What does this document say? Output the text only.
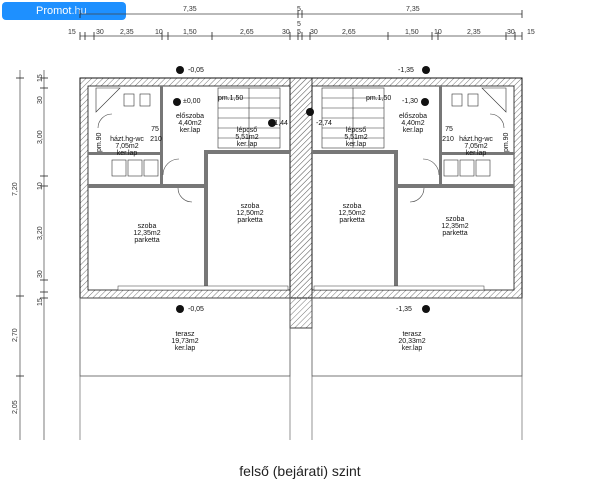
Promot.hu	7,35	5	7,35
5
15	30 2,35	10	1,50	2,65	30 5 30	2,65	1,50 10	2,35	30 15
15
30
3,00
7,20	10
3,20
30
15
2,70
2,05
-0,05
±0,00	pm.1,50
-1,44
előszoba
4,40m2
ker.lap	lépcső
5,51m2
ker.lap
75
házt.hg-wc 210
7,05m2
ker.lap
pm.90
szoba
12,35m2
parketta
szoba
12,50m2
parketta
-0,05
terasz
19,73m2
ker.lap
-1,35
-1,30
pm.1,50
-2,74
előszoba
4,40m2
ker.lap
lépcső
5,51m2
ker.lap
75
210 házt.hg-wc
7,05m2
ker.lap
pm.90
szoba
12,50m2
parketta	szoba
12,35m2
parketta
-1,35
terasz
20,33m2
ker.lap
felső (bejárati) szint
